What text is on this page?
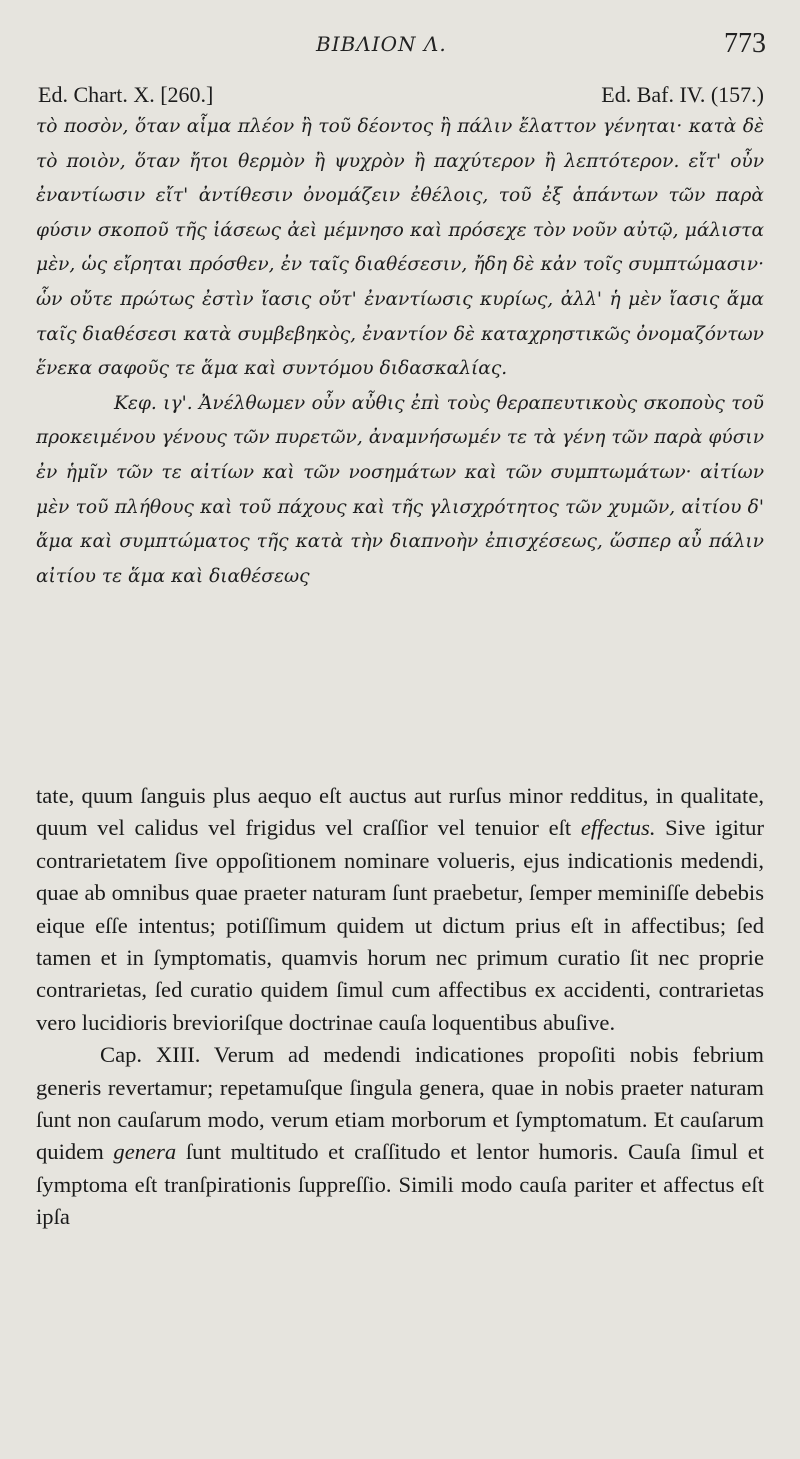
ΒΙΒΛΙΟΝ Λ.	773
Ed. Chart. X. [260.]	Ed. Baf. IV. (157.)

τὸ ποσὸν, ὅταν αἷμα πλέον ἢ τοῦ δέοντος ἢ πάλιν ἔλαττον γένηται· κατὰ δὲ τὸ ποιὸν, ὅταν ἤτοι θερμὸν ἢ ψυχρὸν ἢ παχύτερον ἢ λεπτότερον. εἴτ' οὖν ἐναντίωσιν εἴτ' ἀντίθεσιν ὀνομάζειν ἐθέλοις, τοῦ ἐξ ἁπάντων τῶν παρὰ φύσιν σκοποῦ τῆς ἰάσεως ἀεὶ μέμνησο καὶ πρόσεχε τὸν νοῦν αὐτῷ, μάλιστα μὲν, ὡς εἴρηται πρόσθεν, ἐν ταῖς διαθέσεσιν, ἤδη δὲ κἀν τοῖς συμπτώμασιν· ὧν οὔτε πρώτως ἐστὶν ἴασις οὔτ' ἐναντίωσις κυρίως, ἀλλ' ἡ μὲν ἴασις ἅμα ταῖς διαθέσεσι κατὰ συμβεβηκὸς, ἐναντίον δὲ καταχρηστικῶς ὀνομαζόντων ἕνεκα σαφοῦς τε ἅμα καὶ συντόμου διδασκαλίας.

Κεφ. ιγ'. Ἀνέλθωμεν οὖν αὖθις ἐπὶ τοὺς θεραπευτικοὺς σκοποὺς τοῦ προκειμένου γένους τῶν πυρετῶν, ἀναμνήσωμέν τε τὰ γένη τῶν παρὰ φύσιν ἐν ἡμῖν τῶν τε αἰτίων καὶ τῶν νοσημάτων καὶ τῶν συμπτωμάτων· αἰτίων μὲν τοῦ πλήθους καὶ τοῦ πάχους καὶ τῆς γλισχρότητος τῶν χυμῶν, αἰτίου δ' ἅμα καὶ συμπτώματος τῆς κατὰ τὴν διαπνοὴν ἐπισχέσεως, ὥσπερ αὖ πάλιν αἰτίου τε ἅμα καὶ διαθέσεως

tate, quum ſanguis plus aequo eſt auctus aut rurſus minor redditus, in qualitate, quum vel calidus vel frigidus vel craſſior vel tenuior eſt effectus. Sive igitur contrarietatem ſive oppoſitionem nominare volueris, ejus indicationis medendi, quae ab omnibus quae praeter naturam ſunt praebetur, ſemper meminiſſe debebis eique eſſe intentus; potiſſimum quidem ut dictum prius eſt in affectibus; ſed tamen et in ſymptomatis, quamvis horum nec primum curatio ſit nec proprie contrarietas, ſed curatio quidem ſimul cum affectibus ex accidenti, contrarietas vero lucidioris brevioriſque doctrinae cauſa loquentibus abuſive.

Cap. XIII. Verum ad medendi indicationes propoſiti nobis febrium generis revertamur; repetamuſque ſingula genera, quae in nobis praeter naturam ſunt non cauſarum modo, verum etiam morborum et ſymptomatum. Et cauſarum quidem genera ſunt multitudo et craſſitudo et lentor humoris. Cauſa ſimul et ſymptoma eſt tranſpirationis ſuppreſſio. Simili modo cauſa pariter et affectus eſt ipſa
